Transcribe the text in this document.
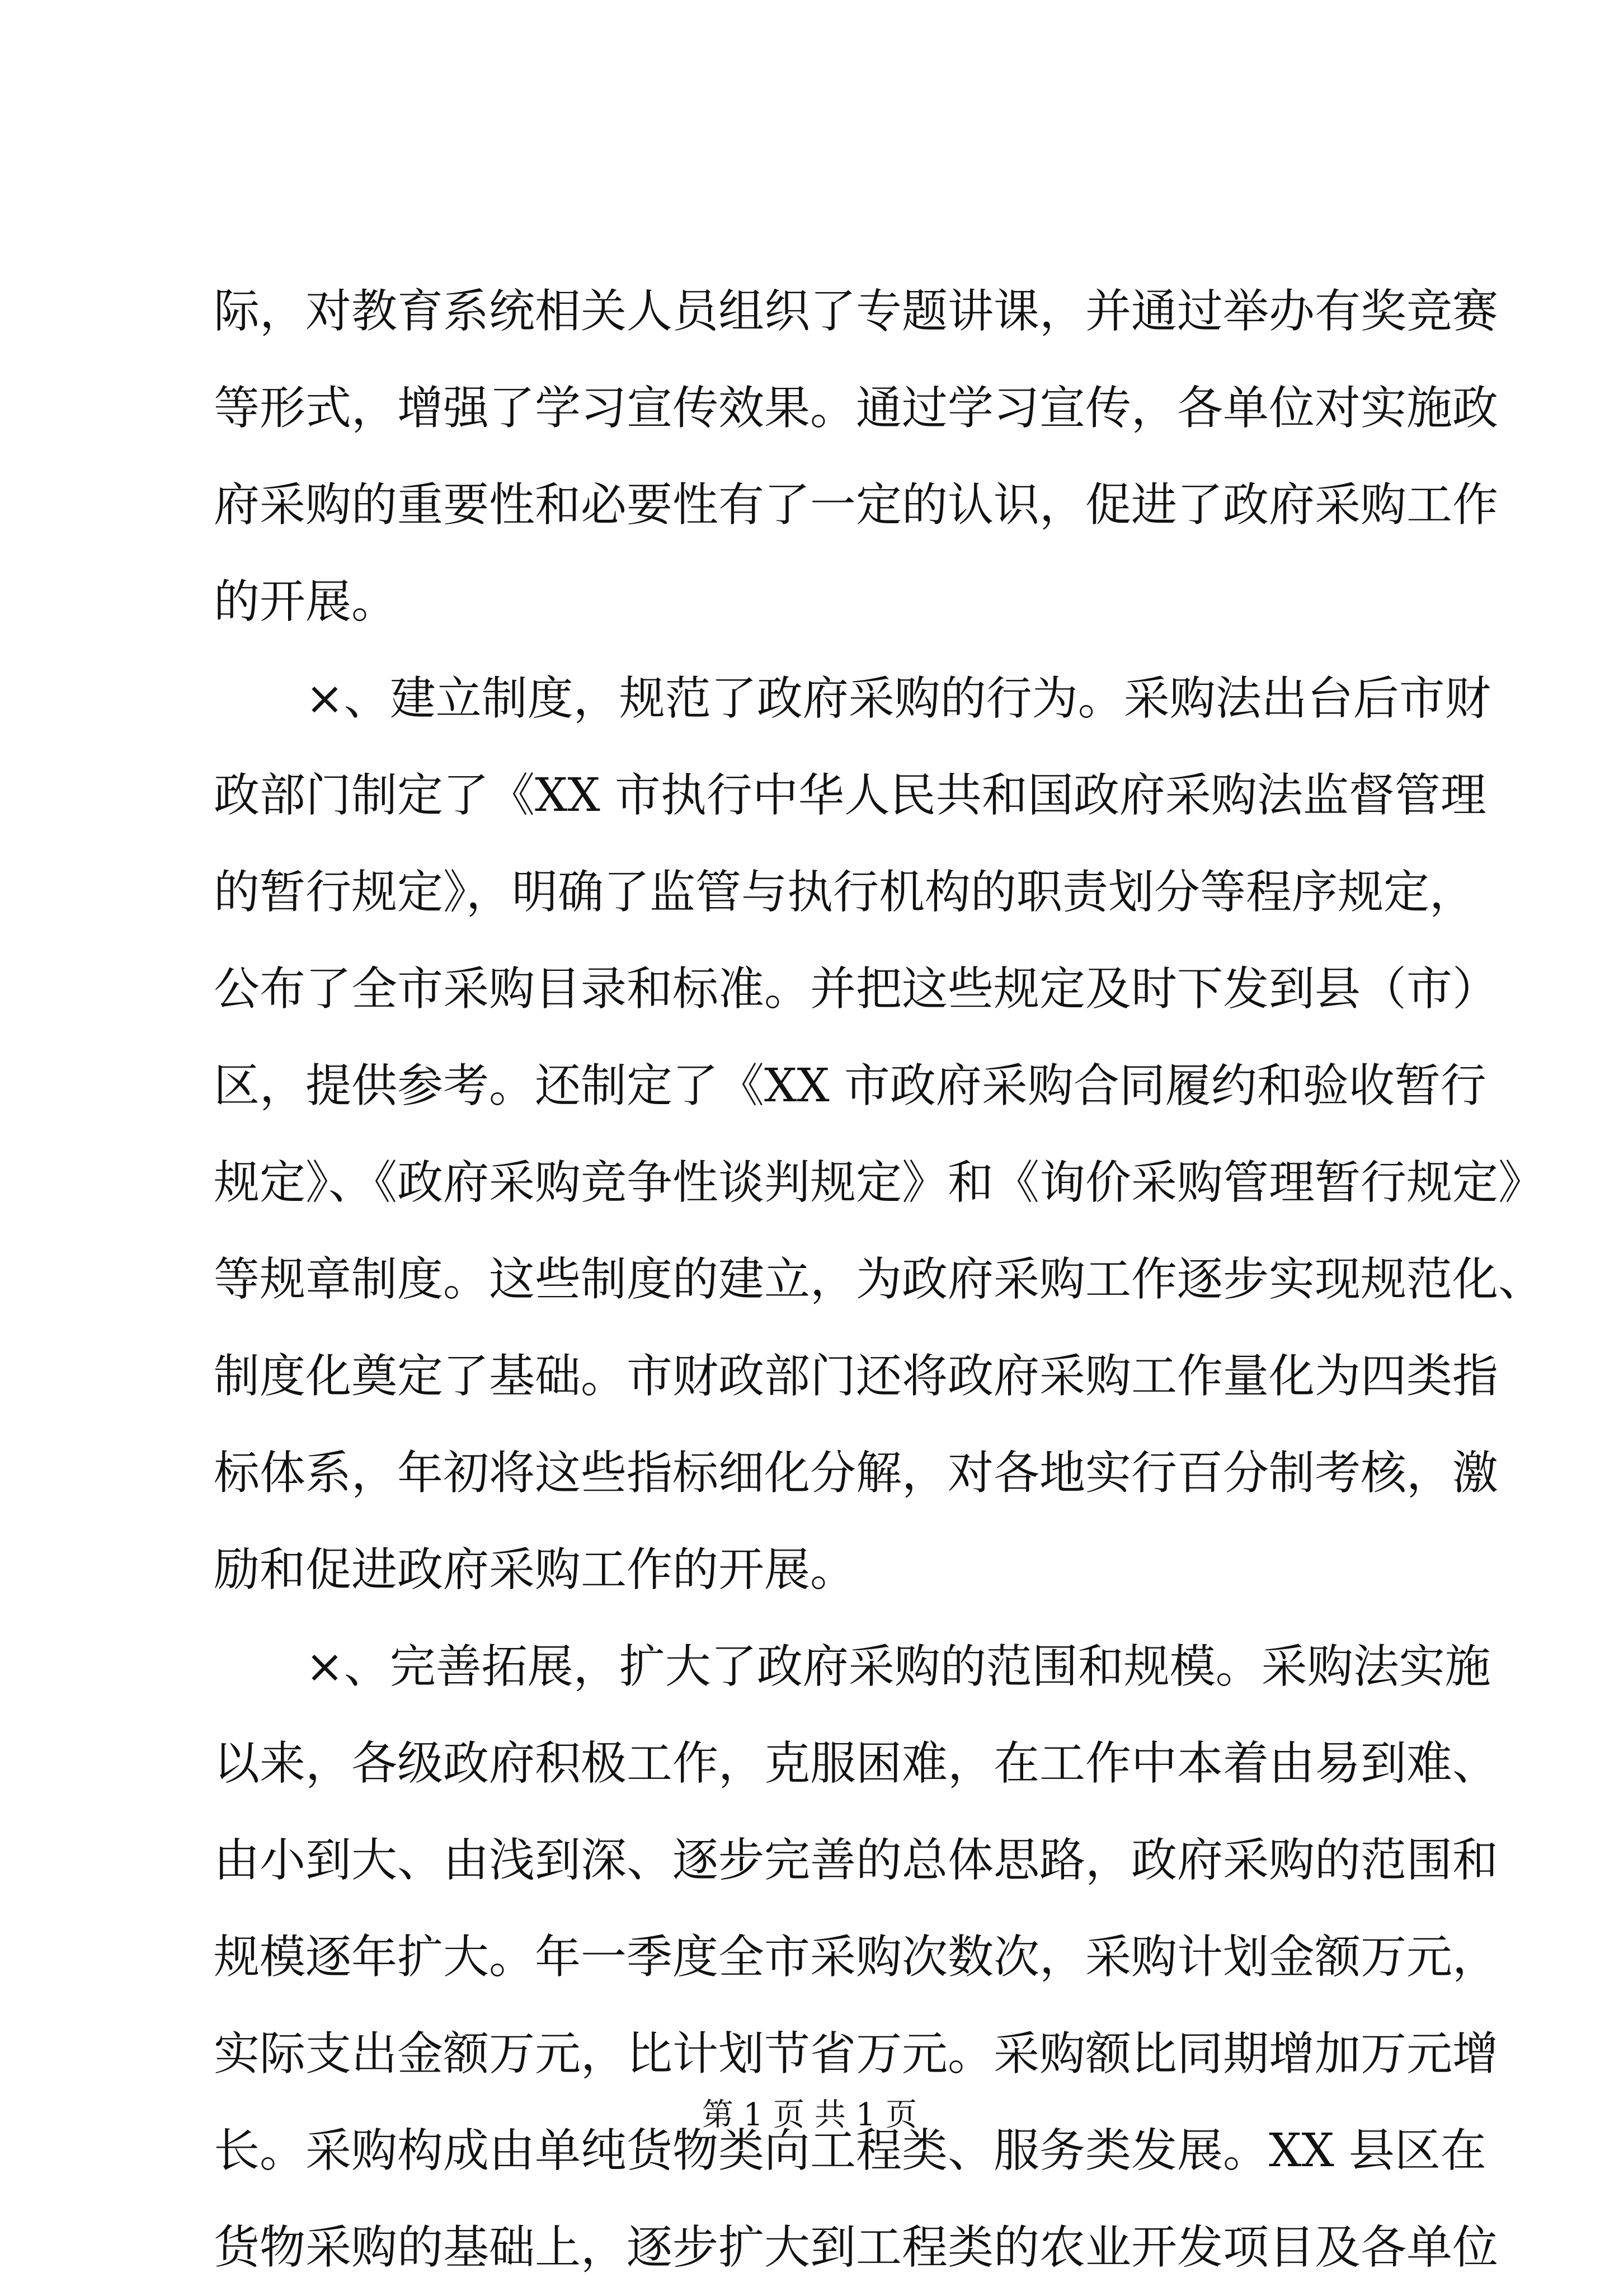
际，对教育系统相关人员组织了专题讲课，并通过举办有奖竞赛
等形式，增强了学习宣传效果。通过学习宣传，各单位对实施政
府采购的重要性和必要性有了一定的认识，促进了政府采购工作
的开展。
×、建立制度，规范了政府采购的行为。采购法出台后市财
政部门制定了《XX 市执行中华人民共和国政府采购法监督管理
的暂行规定》，明确了监管与执行机构的职责划分等程序规定，
公布了全市采购目录和标准。并把这些规定及时下发到县（市）
区，提供参考。还制定了《XX 市政府采购合同履约和验收暂行
规定》、《政府采购竞争性谈判规定》和《询价采购管理暂行规定》
等规章制度。这些制度的建立，为政府采购工作逐步实现规范化、
制度化奠定了基础。市财政部门还将政府采购工作量化为四类指
标体系，年初将这些指标细化分解，对各地实行百分制考核，激
励和促进政府采购工作的开展。
×、完善拓展，扩大了政府采购的范围和规模。采购法实施
以来，各级政府积极工作，克服困难，在工作中本着由易到难、
由小到大、由浅到深、逐步完善的总体思路，政府采购的范围和
规模逐年扩大。年一季度全市采购次数次，采购计划金额万元，
实际支出金额万元，比计划节省万元。采购额比同期增加万元增
长。采购构成由单纯货物类向工程类、服务类发展。XX 县区在
货物采购的基础上，逐步扩大到工程类的农业开发项目及各单位
第 1 页 共 1 页
